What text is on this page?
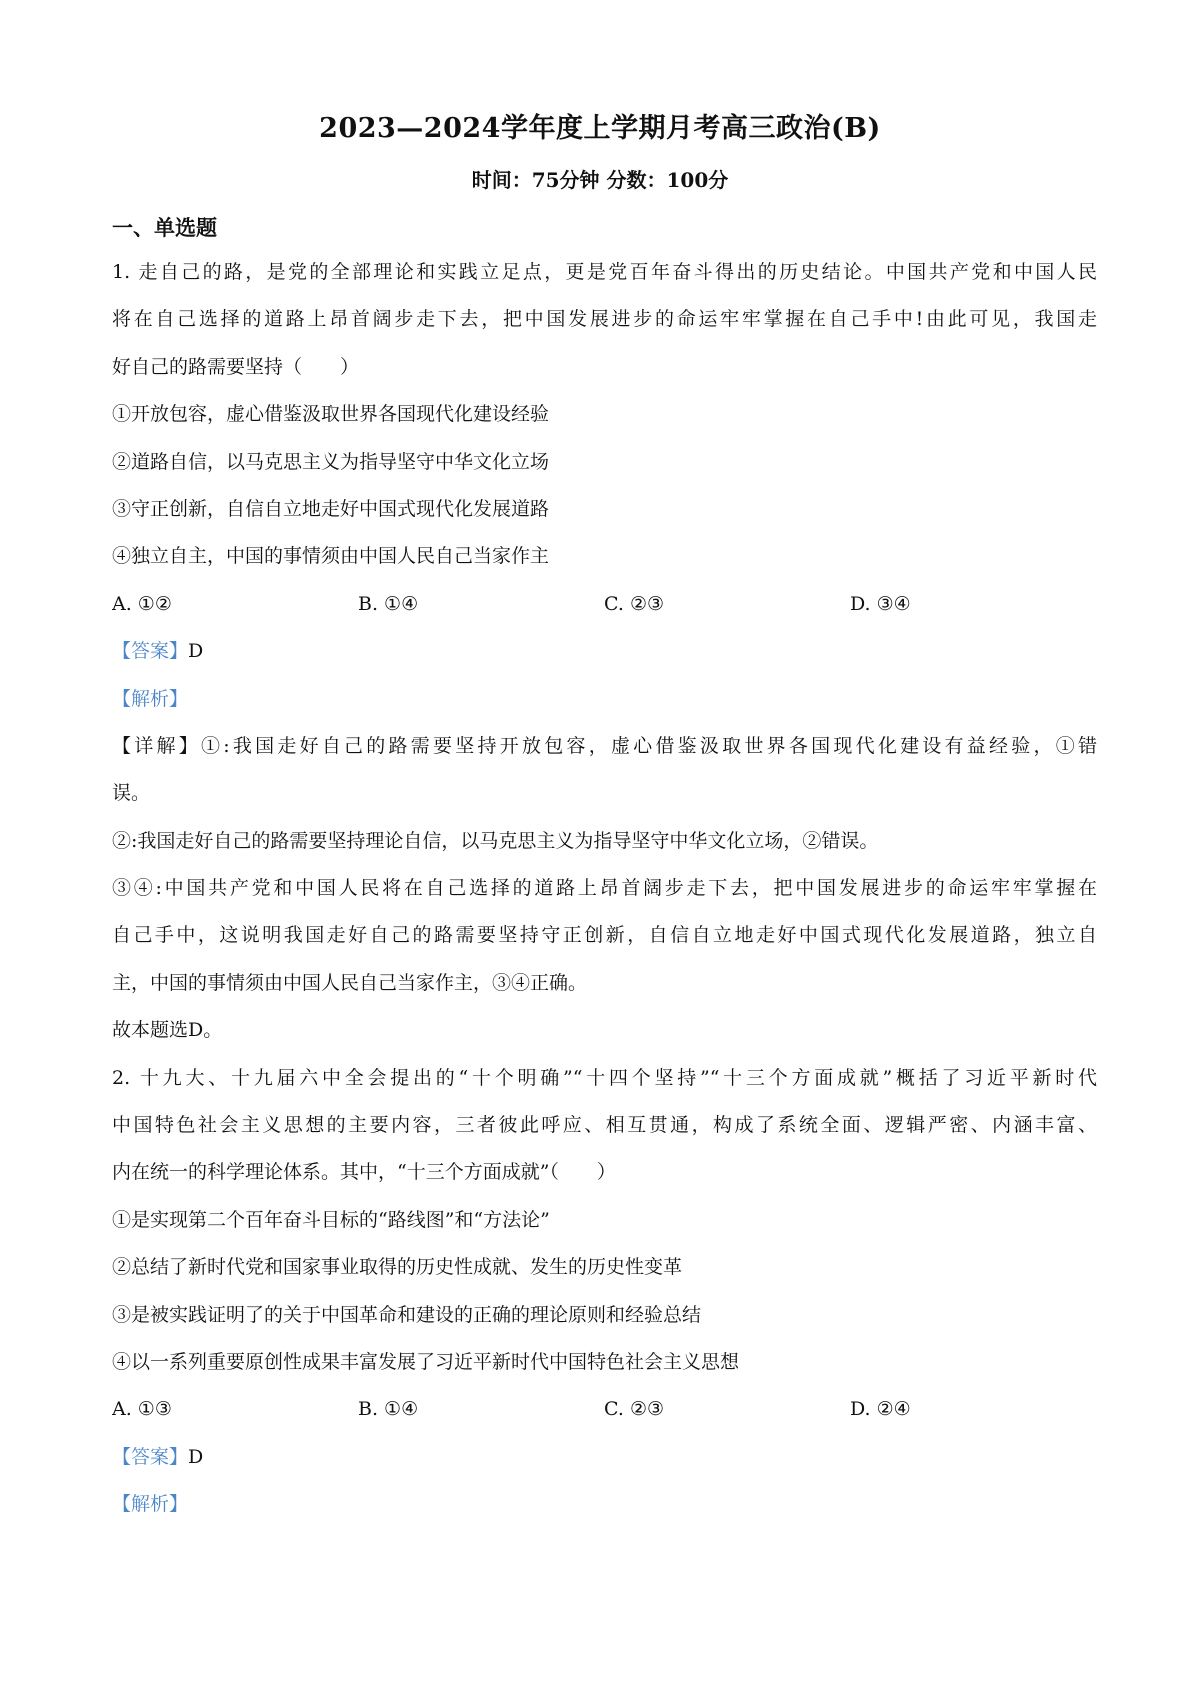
2023—2024学年度上学期月考高三政治(B)
时间：75分钟 分数：100分
一、单选题
1. 走自己的路，是党的全部理论和实践立足点，更是党百年奋斗得出的历史结论。中国共产党和中国人民
将在自己选择的道路上昂首阔步走下去，把中国发展进步的命运牢牢掌握在自己手中!由此可见，我国走
好自己的路需要坚持（　　）
①开放包容，虚心借鉴汲取世界各国现代化建设经验
②道路自信，以马克思主义为指导坚守中华文化立场
③守正创新，自信自立地走好中国式现代化发展道路
④独立自主，中国的事情须由中国人民自己当家作主
A. ①②	B. ①④	C. ②③	D. ③④
【答案】D
【解析】
【详解】①:我国走好自己的路需要坚持开放包容，虚心借鉴汲取世界各国现代化建设有益经验，①错
误。
②:我国走好自己的路需要坚持理论自信，以马克思主义为指导坚守中华文化立场，②错误。
③④:中国共产党和中国人民将在自己选择的道路上昂首阔步走下去，把中国发展进步的命运牢牢掌握在
自己手中，这说明我国走好自己的路需要坚持守正创新，自信自立地走好中国式现代化发展道路，独立自
主，中国的事情须由中国人民自己当家作主，③④正确。
故本题选D。
2. 十九大、十九届六中全会提出的“十个明确”“十四个坚持”“十三个方面成就”概括了习近平新时代
中国特色社会主义思想的主要内容，三者彼此呼应、相互贯通，构成了系统全面、逻辑严密、内涵丰富、
内在统一的科学理论体系。其中，“十三个方面成就”（　　）
①是实现第二个百年奋斗目标的“路线图”和“方法论”
②总结了新时代党和国家事业取得的历史性成就、发生的历史性变革
③是被实践证明了的关于中国革命和建设的正确的理论原则和经验总结
④以一系列重要原创性成果丰富发展了习近平新时代中国特色社会主义思想
A. ①③	B. ①④	C. ②③	D. ②④
【答案】D
【解析】
